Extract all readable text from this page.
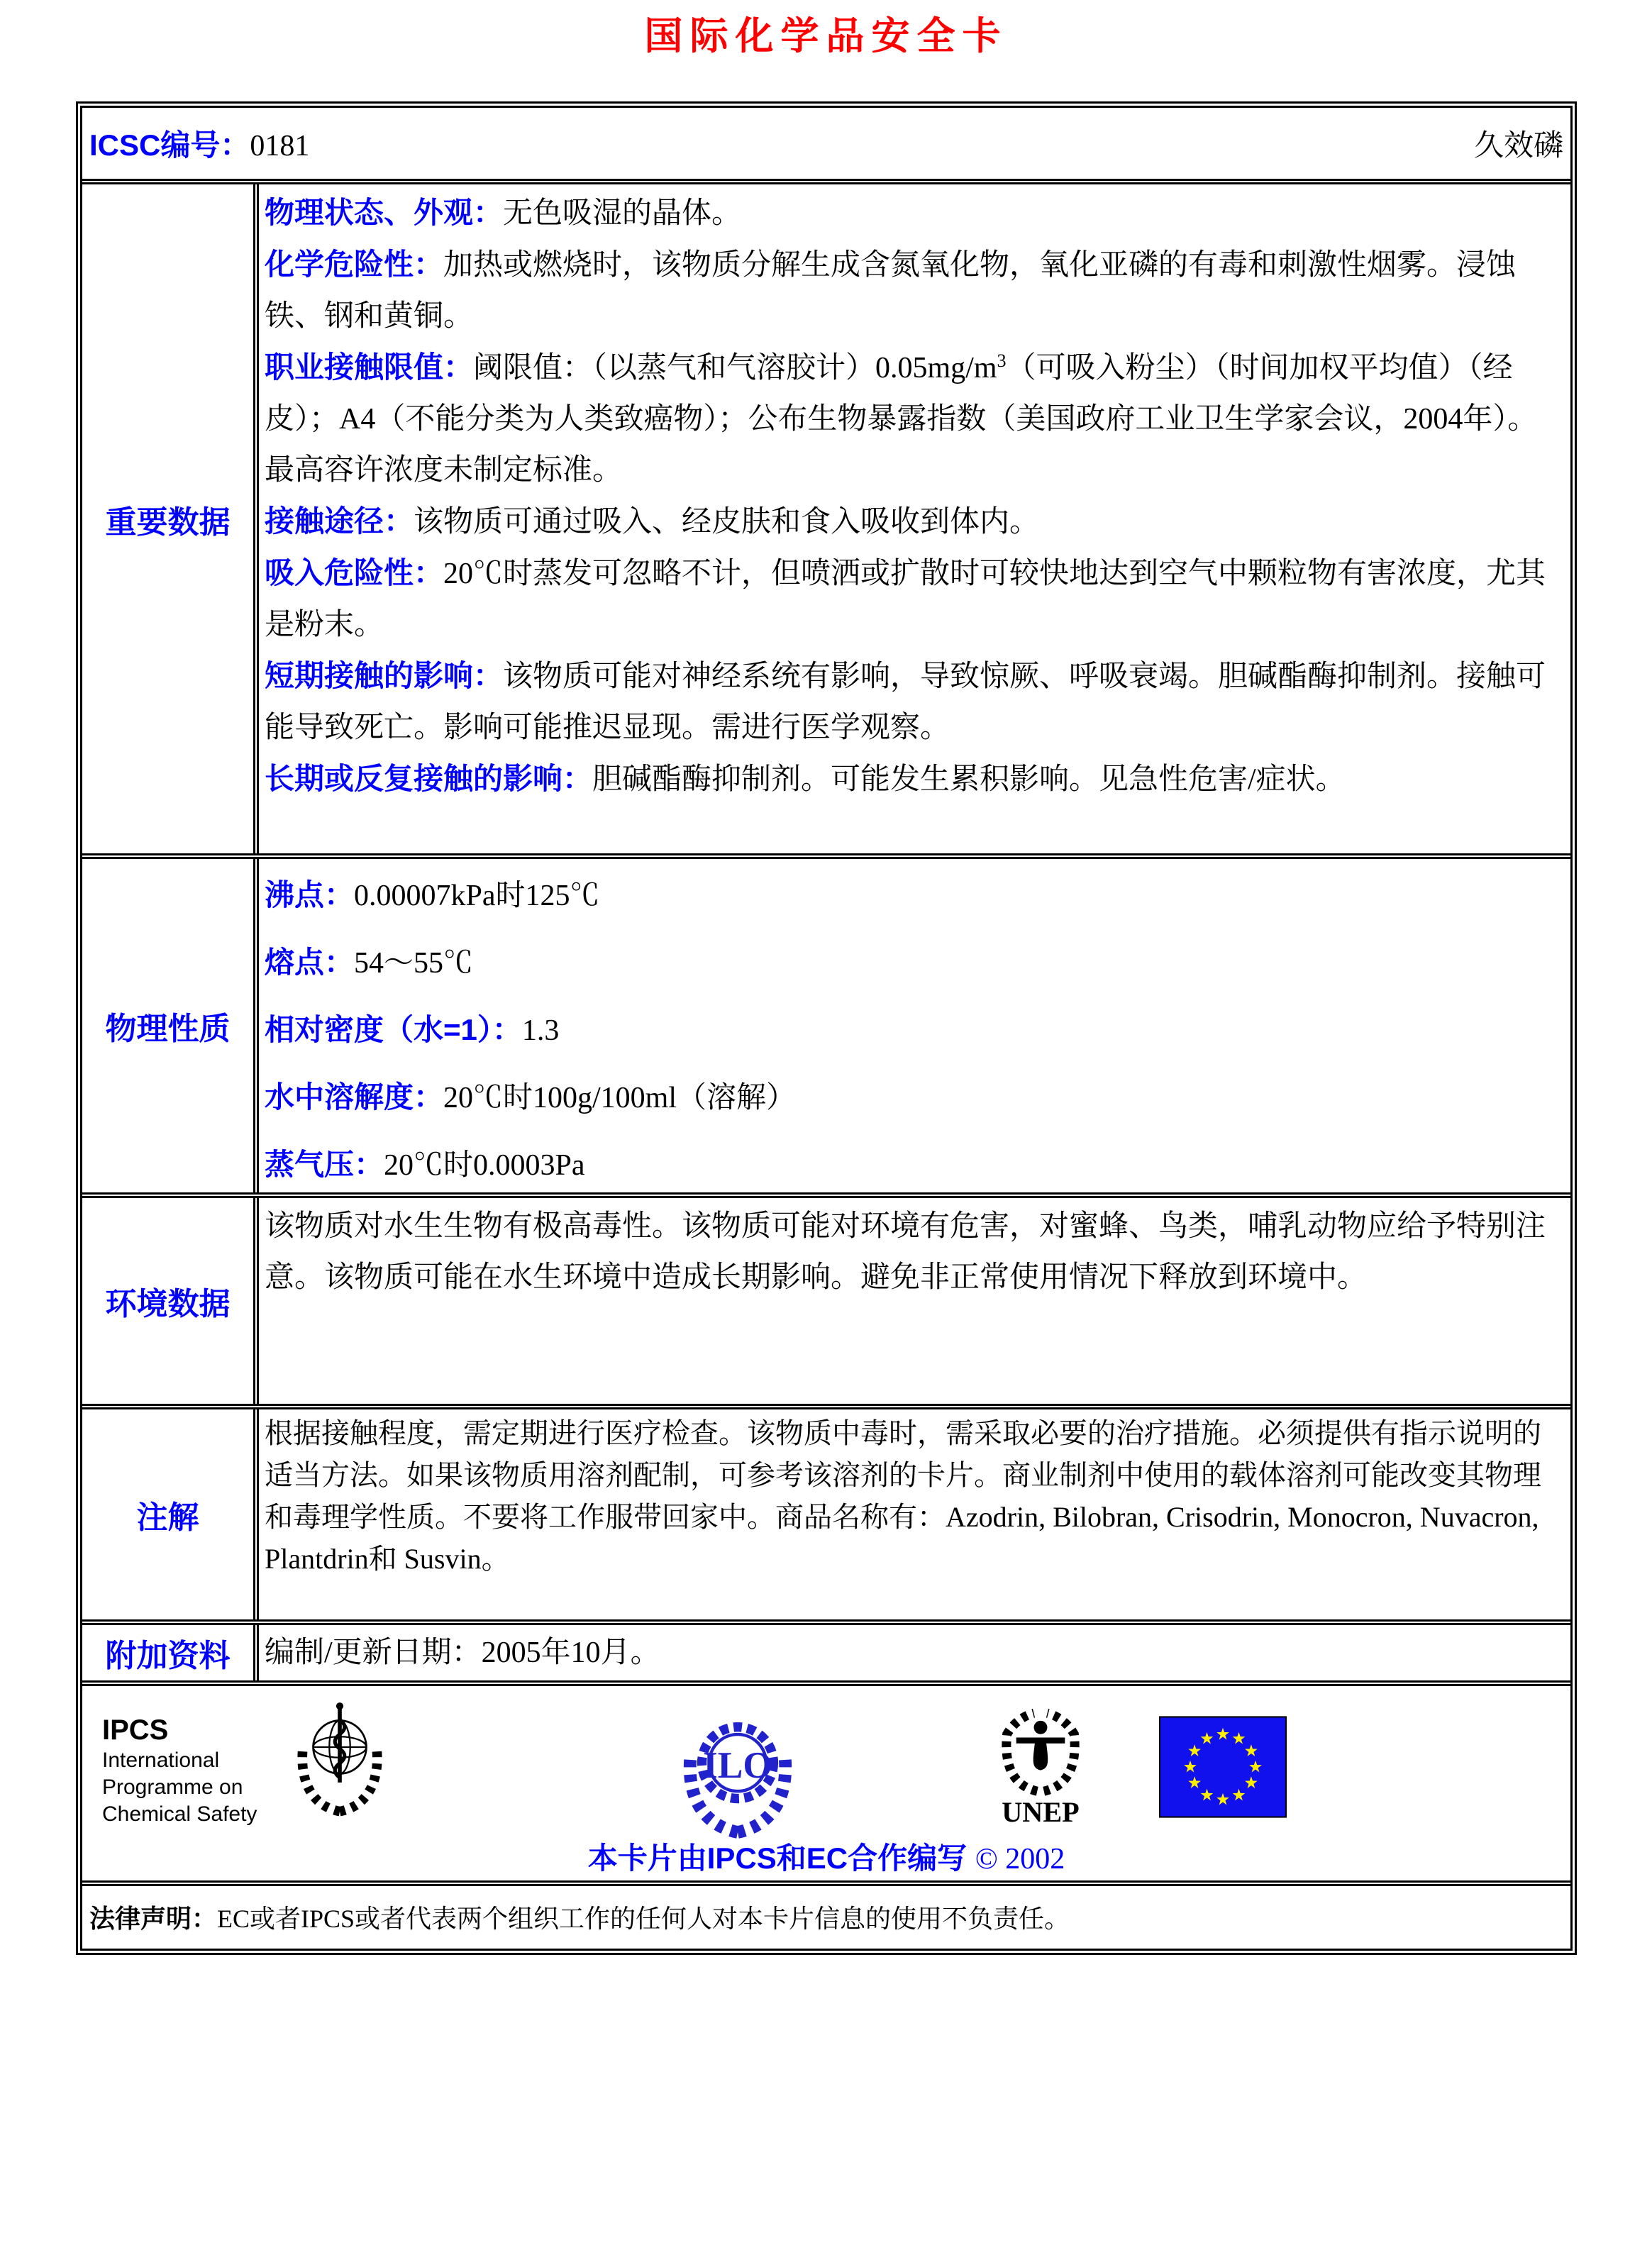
国际化学品安全卡
ICSC编号：0181	久效磷
重要数据

物理状态、外观：无色吸湿的晶体。

化学危险性：加热或燃烧时，该物质分解生成含氮氧化物，氧化亚磷的有毒和刺激性烟雾。浸蚀铁、钢和黄铜。

职业接触限值：阈限值：（以蒸气和气溶胶计）$0.05mg/m^3$（可吸入粉尘）（时间加权平均值）（经皮）；A4（不能分类为人类致癌物）；公布生物暴露指数（美国政府工业卫生学家会议，2004年）。最高容许浓度未制定标准。

接触途径：该物质可通过吸入、经皮肤和食入吸收到体内。

吸入危险性：20℃时蒸发可忽略不计，但喷洒或扩散时可较快地达到空气中颗粒物有害浓度，尤其是粉末。

短期接触的影响：该物质可能对神经系统有影响，导致惊厥、呼吸衰竭。胆碱酯酶抑制剂。接触可能导致死亡。影响可能推迟显现。需进行医学观察。

长期或反复接触的影响：胆碱酯酶抑制剂。可能发生累积影响。见急性危害/症状。

物理性质

沸点：0.00007kPa时125℃

熔点：54～55℃

相对密度（水=1）：1.3

水中溶解度：20℃时100g/100ml（溶解）

蒸气压：20℃时0.0003Pa

环境数据

该物质对水生生物有极高毒性。该物质可能对环境有危害，对蜜蜂、鸟类，哺乳动物应给予特别注意。该物质可能在水生环境中造成长期影响。避免非正常使用情况下释放到环境中。

注解

根据接触程度，需定期进行医疗检查。该物质中毒时，需采取必要的治疗措施。必须提供有指示说明的适当方法。如果该物质用溶剂配制，可参考该溶剂的卡片。商业制剂中使用的载体溶剂可能改变其物理和毒理学性质。不要将工作服带回家中。商品名称有：Azodrin, Bilobran, Crisodrin, Monocron, Nuvacron, Plantdrin和 Susvin。

附加资料	编制/更新日期：2005年10月。

IPCS
International
Programme on
Chemical Safety
ILO
UNEP
本卡片由IPCS和EC合作编写 © 2002
法律声明：EC或者IPCS或者代表两个组织工作的任何人对本卡片信息的使用不负责任。
